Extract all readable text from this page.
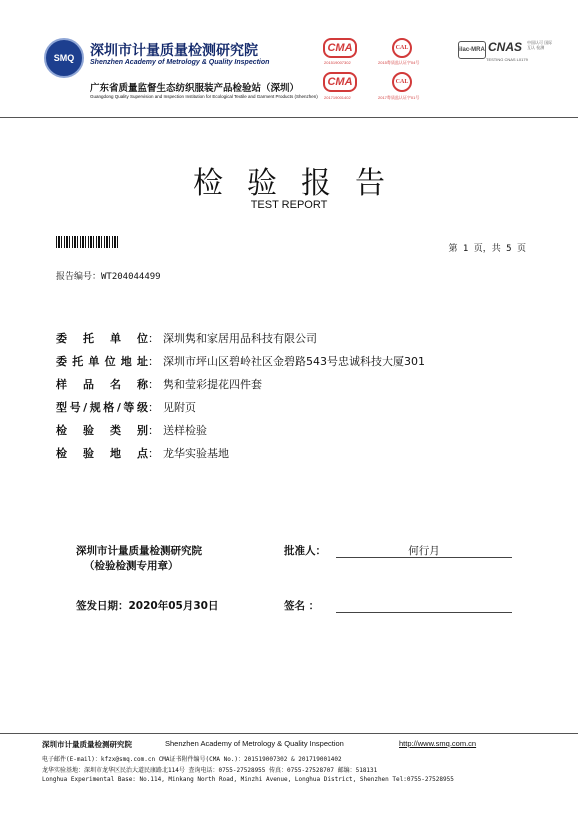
SMQ 深圳市计量质量检测研究院
Shenzhen Academy of Metrology & Quality Inspection
广东省质量监督生态纺织服装产品检验站（深圳）
Guangdong Quality Supervision and Inspection Institution for Ecological Textile and Garment Products (Shenzhen)
CMA
201519007302
CAL
2015粤质监认证字04号
CMA
201719001402
CAL
2017粤质监认证字01号
ilac-MRA CNAS 中国认可 国际互认 检测
TESTING CNAS L0179
检验报告
TEST REPORT
第 1 页，共 5 页
报告编号：WT204044499
委托单位 ： 深圳隽和家居用品科技有限公司
委托单位地址 ： 深圳市坪山区碧岭社区金碧路543号忠诚科技大厦301
样品名称 ： 隽和莹彩提花四件套
型号/规格/等级 ： 见附页
检验类别 ： 送样检验
检验地点 ： 龙华实验基地
深圳市计量质量检测研究院
（检验检测专用章）
批准人：	何行月
签发日期：2020年05月30日	签名 ：
深圳市计量质量检测研究院	Shenzhen Academy of Metrology & Quality Inspection	http://www.smq.com.cn
电子邮件(E-mail)：kfzx@smq.com.cn CMA证书附件编号(CMA No.)：201519007302 & 201719001402
龙华实验基地：深圳市龙华区民治大道民康路北114号 查询电话：0755-27528955 传真：0755-27528707 邮编：518131
Longhua Experimental Base: No.114, Minkang North Road, Minzhi Avenue, Longhua District, Shenzhen Tel:0755-27528955
